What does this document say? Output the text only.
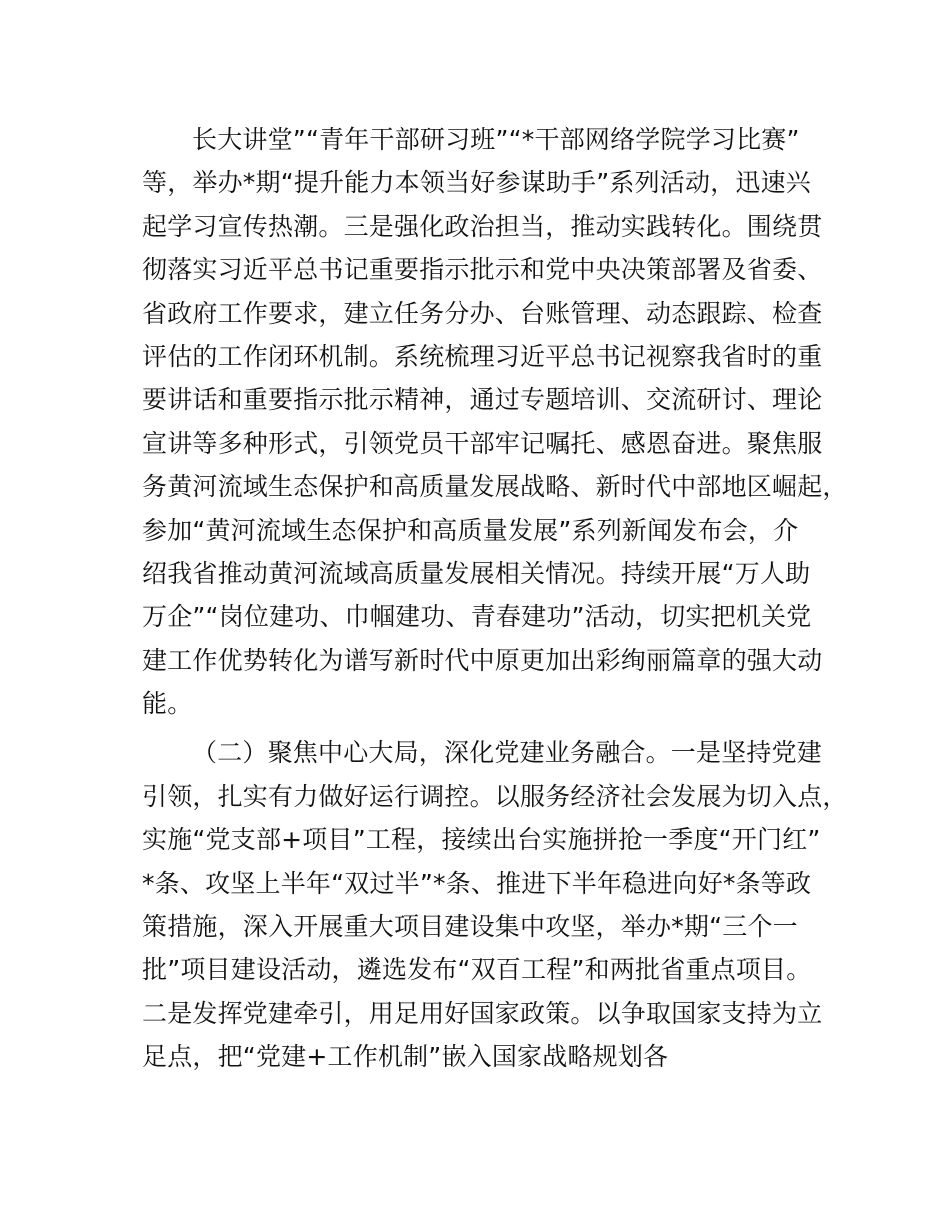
长大讲堂”“青年干部研习班”“*干部网络学院学习比赛”
等，举办*期“提升能力本领当好参谋助手”系列活动，迅速兴
起学习宣传热潮。三是强化政治担当，推动实践转化。围绕贯
彻落实习近平总书记重要指示批示和党中央决策部署及省委、
省政府工作要求，建立任务分办、台账管理、动态跟踪、检查
评估的工作闭环机制。系统梳理习近平总书记视察我省时的重
要讲话和重要指示批示精神，通过专题培训、交流研讨、理论
宣讲等多种形式，引领党员干部牢记嘱托、感恩奋进。聚焦服
务黄河流域生态保护和高质量发展战略、新时代中部地区崛起，
参加“黄河流域生态保护和高质量发展”系列新闻发布会，介
绍我省推动黄河流域高质量发展相关情况。持续开展“万人助
万企”“岗位建功、巾帼建功、青春建功”活动，切实把机关党
建工作优势转化为谱写新时代中原更加出彩绚丽篇章的强大动
能。
（二）聚焦中心大局，深化党建业务融合。一是坚持党建
引领，扎实有力做好运行调控。以服务经济社会发展为切入点，
实施“党支部+项目”工程，接续出台实施拼抢一季度“开门红”
*条、攻坚上半年“双过半”*条、推进下半年稳进向好*条等政
策措施，深入开展重大项目建设集中攻坚，举办*期“三个一
批”项目建设活动，遴选发布“双百工程”和两批省重点项目。
二是发挥党建牵引，用足用好国家政策。以争取国家支持为立
足点，把“党建+工作机制”嵌入国家战略规划各
